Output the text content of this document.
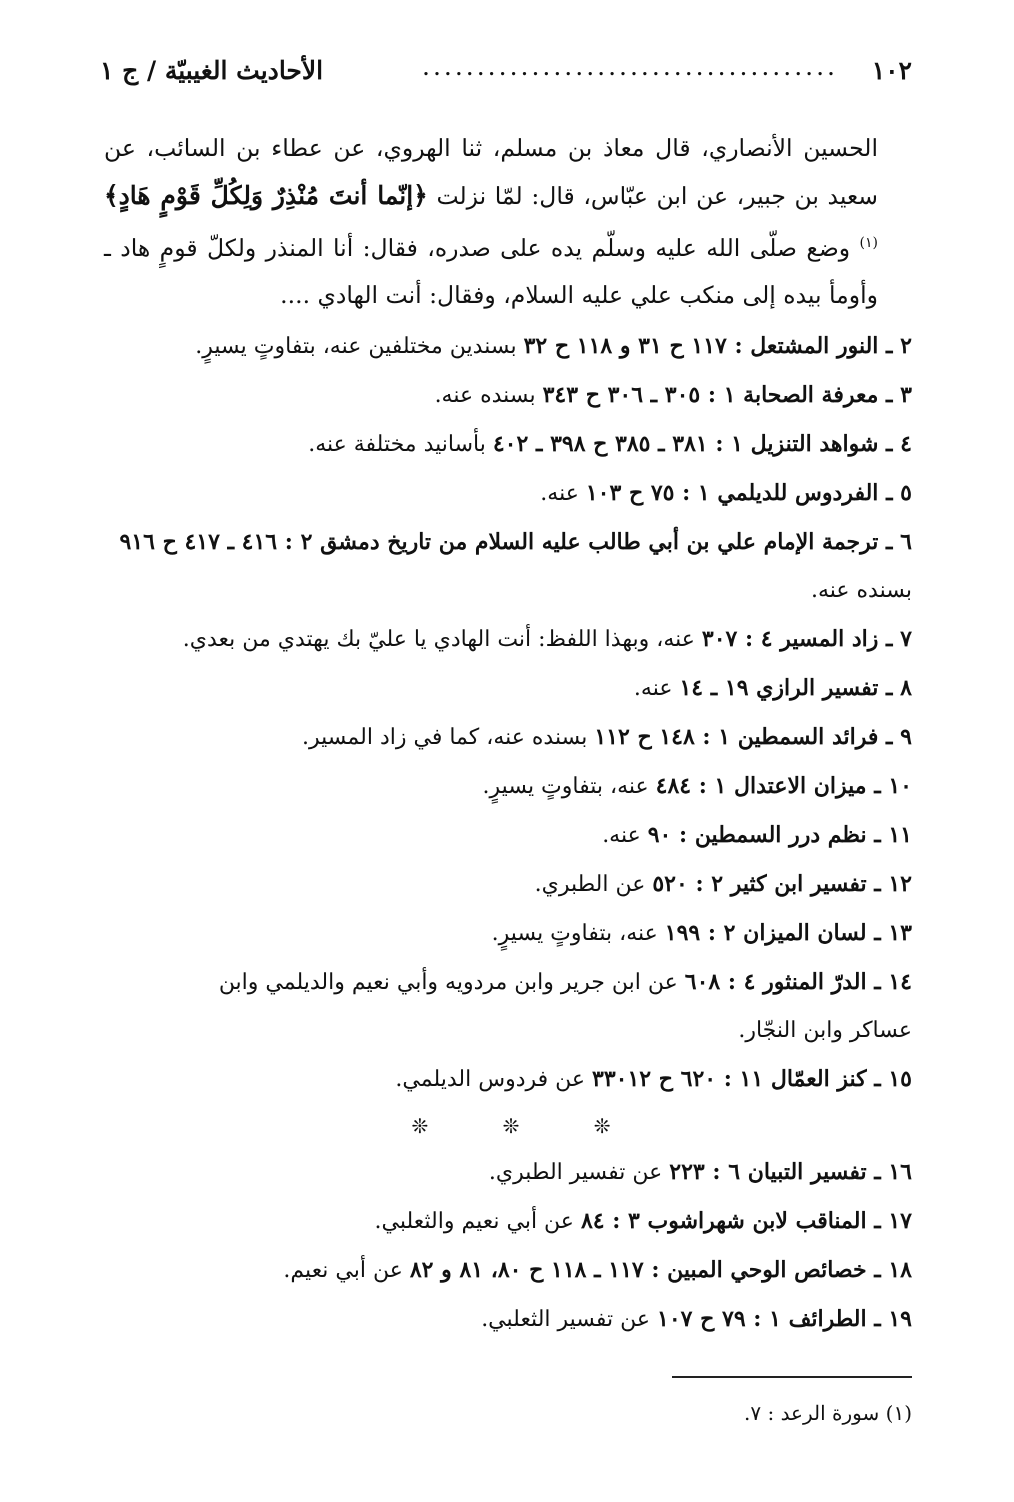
١٠٢
......................................
الأحاديث الغيبيّة / ج ١

الحسين الأنصاري، قال معاذ بن مسلم، ثنا الهروي، عن عطاء بن السائب، عن سعيد بن جبير، عن ابن عبّاس، قال: لمّا نزلت ﴿إنّما أنتَ مُنْذِرٌ وَلِكُلِّ قَوْمٍ هَادٍ﴾ $^{(١)}$ وضع صلّى الله عليه وسلّم يده على صدره، فقال: أنا المنذر ولكلّ قومٍ هاد ـ وأومأ بيده إلى منكب علي عليه السلام، وفقال: أنت الهادي ....

٢ ـ النور المشتعل : ١١٧ ح ٣١ و ١١٨ ح ٣٢ بسندين مختلفين عنه، بتفاوتٍ يسيرٍ.
٣ ـ معرفة الصحابة ١ : ٣٠٥ ـ ٣٠٦ ح ٣٤٣ بسنده عنه.
٤ ـ شواهد التنزيل ١ : ٣٨١ ـ ٣٨٥ ح ٣٩٨ ـ ٤٠٢ بأسانيد مختلفة عنه.
٥ ـ الفردوس للديلمي ١ : ٧٥ ح ١٠٣ عنه.
٦ ـ ترجمة الإمام علي بن أبي طالب عليه السلام من تاريخ دمشق ٢ : ٤١٦ ـ ٤١٧ ح ٩١٦
بسنده عنه.
٧ ـ زاد المسير ٤ : ٣٠٧ عنه، وبهذا اللفظ: أنت الهادي يا عليّ بك يهتدي من بعدي.
٨ ـ تفسير الرازي ١٩ ـ ١٤ عنه.
٩ ـ فرائد السمطين ١ : ١٤٨ ح ١١٢ بسنده عنه، كما في زاد المسير.
١٠ ـ ميزان الاعتدال ١ : ٤٨٤ عنه، بتفاوتٍ يسيرٍ.
١١ ـ نظم درر السمطين : ٩٠ عنه.
١٢ ـ تفسير ابن كثير ٢ : ٥٢٠ عن الطبري.
١٣ ـ لسان الميزان ٢ : ١٩٩ عنه، بتفاوتٍ يسيرٍ.
١٤ ـ الدرّ المنثور ٤ : ٦٠٨ عن ابن جرير وابن مردويه وأبي نعيم والديلمي وابن
عساكر وابن النجّار.
١٥ ـ كنز العمّال ١١ : ٦٢٠ ح ٣٣٠١٢ عن فردوس الديلمي.
❊ ❊ ❊
١٦ ـ تفسير التبيان ٦ : ٢٢٣ عن تفسير الطبري.
١٧ ـ المناقب لابن شهراشوب ٣ : ٨٤ عن أبي نعيم والثعلبي.
١٨ ـ خصائص الوحي المبين : ١١٧ ـ ١١٨ ح ٨٠، ٨١ و ٨٢ عن أبي نعيم.
١٩ ـ الطرائف ١ : ٧٩ ح ١٠٧ عن تفسير الثعلبي.
(١) سورة الرعد : ٧.
